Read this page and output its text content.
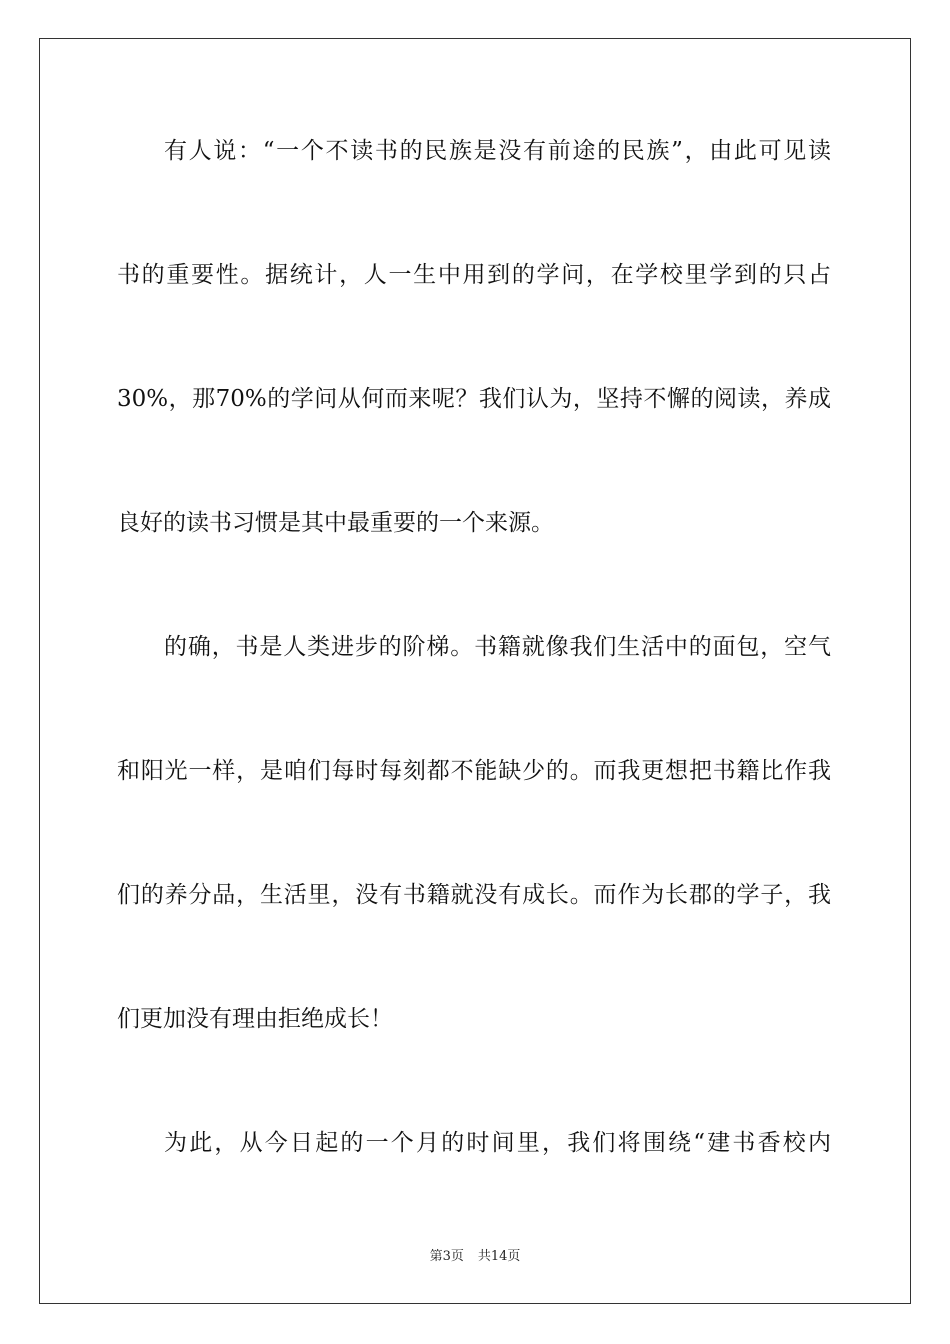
有人说：“一个不读书的民族是没有前途的民族”，由此可见读
书的重要性。据统计，人一生中用到的学问，在学校里学到的只占
30%，那70%的学问从何而来呢？我们认为，坚持不懈的阅读，养成
良好的读书习惯是其中最重要的一个来源。
的确，书是人类进步的阶梯。书籍就像我们生活中的面包，空气
和阳光一样，是咱们每时每刻都不能缺少的。而我更想把书籍比作我
们的养分品，生活里，没有书籍就没有成长。而作为长郡的学子，我
们更加没有理由拒绝成长！
为此，从今日起的一个月的时间里，我们将围绕“建书香校内
第3页 共14页
